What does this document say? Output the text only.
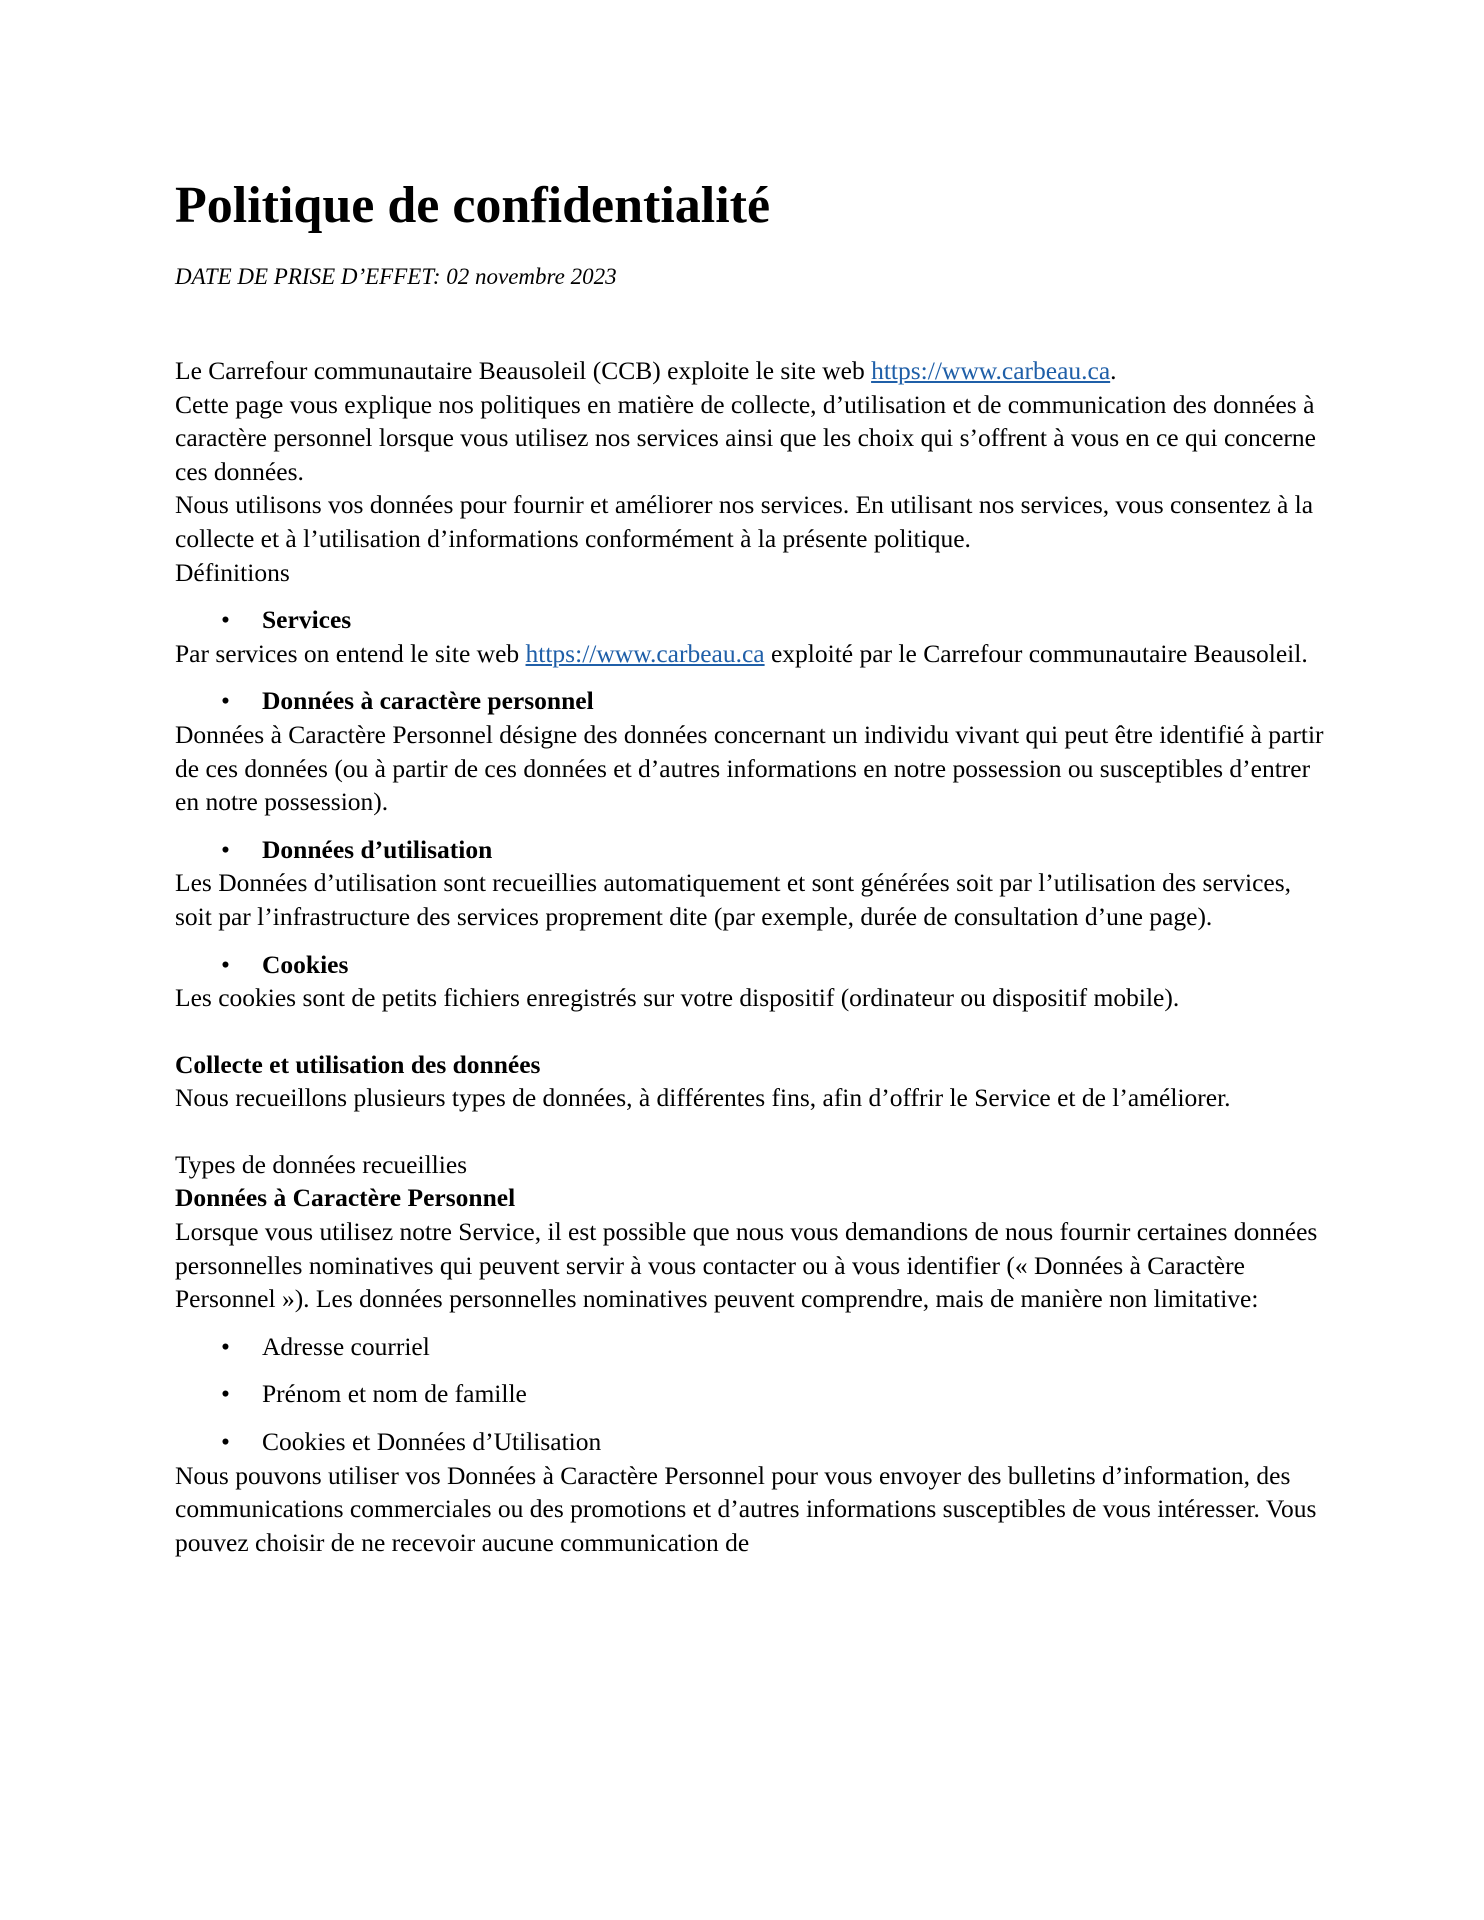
Politique de confidentialité
DATE DE PRISE D’EFFET: 02 novembre 2023

Le Carrefour communautaire Beausoleil (CCB) exploite le site web https://www.carbeau.ca.

Cette page vous explique nos politiques en matière de collecte, d’utilisation et de communication des données à caractère personnel lorsque vous utilisez nos services ainsi que les choix qui s’offrent à vous en ce qui concerne ces données.

Nous utilisons vos données pour fournir et améliorer nos services. En utilisant nos services, vous consentez à la collecte et à l’utilisation d’informations conformément à la présente politique.

Définitions

• Services

Par services on entend le site web https://www.carbeau.ca exploité par le Carrefour communautaire Beausoleil.

• Données à caractère personnel

Données à Caractère Personnel désigne des données concernant un individu vivant qui peut être identifié à partir de ces données (ou à partir de ces données et d’autres informations en notre possession ou susceptibles d’entrer en notre possession).

• Données d’utilisation

Les Données d’utilisation sont recueillies automatiquement et sont générées soit par l’utilisation des services, soit par l’infrastructure des services proprement dite (par exemple, durée de consultation d’une page).

• Cookies

Les cookies sont de petits fichiers enregistrés sur votre dispositif (ordinateur ou dispositif mobile).

Collecte et utilisation des données

Nous recueillons plusieurs types de données, à différentes fins, afin d’offrir le Service et de l’améliorer.

Types de données recueillies

Données à Caractère Personnel

Lorsque vous utilisez notre Service, il est possible que nous vous demandions de nous fournir certaines données personnelles nominatives qui peuvent servir à vous contacter ou à vous identifier (« Données à Caractère Personnel »). Les données personnelles nominatives peuvent comprendre, mais de manière non limitative:

• Adresse courriel
• Prénom et nom de famille
• Cookies et Données d’Utilisation

Nous pouvons utiliser vos Données à Caractère Personnel pour vous envoyer des bulletins d’information, des communications commerciales ou des promotions et d’autres informations susceptibles de vous intéresser. Vous pouvez choisir de ne recevoir aucune communication de
